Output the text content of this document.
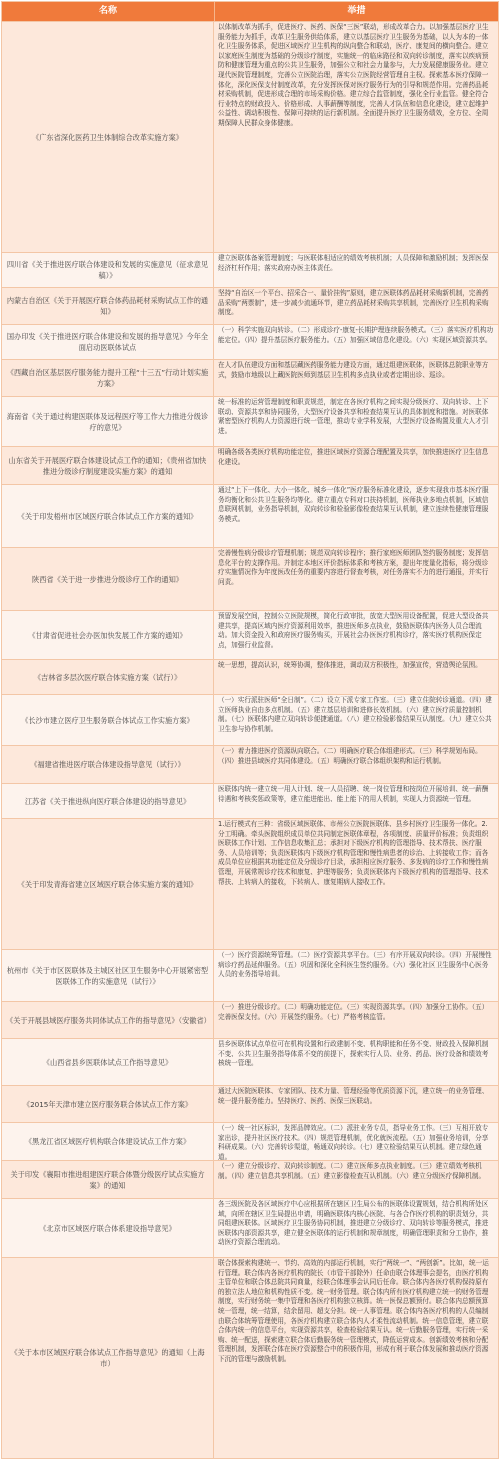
名称	举措
《广东省深化医药卫生体制综合改革实施方案》
以体制改革为抓手，促进医疗、医药、医保“三医”联动，形成改革合力。以加强基层医疗卫生服务能力为抓手，改革卫生服务供给体系，建立以基层医疗卫生服务为基础，以人为本的一体化卫生服务体系，促进区域医疗卫生机构的纵向整合和联动，医疗、康复间的横向整合。建立以家庭医生制度为基础的分级诊疗制度，实施统一的临床路径和双向转诊制度，落实以疾病预防和健康管理为重点的公共卫生服务，加强公立和社会力量参与，大力发展健康服务业。建立现代医院管理制度，完善公立医院治理，落实公立医院经营管理自主权。探索基本医疗保障一体化，深化医保支付制度改革，充分发挥医保对医疗服务行为的引导和规范作用。完善药品耗材采购机制，促进形成合理的市场采购价格。建立综合监管制度，强化全行业监管。健全符合行业特点的财政投入、价格形成、人事薪酬等制度，完善人才队伍和信息化建设，建立起维护公益性、调动积极性、保障可持续的运行新机制。全面提升医疗卫生服务绩效，全方位、全周期保障人民群众身体健康。
四川省《关于推进医疗联合体建设和发展的实施意见（征求意见稿）》
建立医联体备案管理制度；与医联体相适应的绩效考核机制；人员保障和激励机制；发挥医保经济杠杆作用；落实政府办医主体责任。
内蒙古自治区《关于开展医疗联合体药品耗材采购试点工作的通知》
坚持“自治区一个平台、招采合一、量价挂钩”原则，建立医联体药品耗材采购新机制，完善药品采购“两票制”，进一步减少流通环节，建立药品耗材采购共享机制，完善医疗卫生机构采购制度。
国办印发《关于推进医疗联合体建设和发展的指导意见》今年全面启动医联体试点
（一）科学实施双向转诊。（二）形成诊疗-康复-长期护理连续服务模式。（三）落实医疗机构功能定位。（四）提升基层医疗服务能力。（五）加强区域信息化建设。（六）实现区域资源共享。
《西藏自治区基层医疗服务能力提升工程“十三五”行动计划实施方案》
在人才队伍建设方面和基层藏医药服务能力建设方面，通过组建医联体，医联体总院职业等方式，鼓励市地级以上藏医院医师到基层卫生机构多点执业或者定期出诊、巡诊。
海南省《关于通过构建医联体及远程医疗等工作大力推进分级诊疗的意见》
统一标准的运营管理制度和职责规范，制定在各医疗机构之间实现分级医疗、双向转诊、上下联动、资源共享和协同服务，大型医疗设备共享和检查结果互认的具体制度和措施。对医联体紧密型医疗机构人力资源进行统一管理，推动专业学科发展，大型医疗设备购置及重大人才引进。
山东省关于开展医疗联合体建设试点工作的通知；《贵州省加快推进分级诊疗制度建设实施方案》的通知
明确各级各类医疗机构功能定位，推进区域医疗资源合理配置及共享，加快推进医疗卫生信息化建设。
《关于印发梧州市区域医疗联合体试点工作方案的通知》
通过“上下一体化、大小一体化、城乡一体化”医疗服务标准化建设，逐步实现我市基本医疗服务均衡化和公共卫生服务均等化。建立重点专科对口扶持机制，医师执业多地点机制，区域信息联网机制，业务指导机制，双向转诊和检验影像检查结果互认机制，建立连续性健康管理服务模式。
陕西省《关于进一步推进分级诊疗工作的通知》
完善慢性病分级诊疗管理机制；规范双向转诊程序；推行家庭医师团队签约服务制度；发挥信息化平台的支撑作用。并制定本地区评价指标体系和考核方案，提出年度量化指标，将分级诊疗实施情况作为年度医改任务的重要内容进行督查考核，对任务落实不力的进行通报，并实行问责。
《甘肃省促进社会办医加快发展工作方案的通知》
预留发展空间，控制公立医院规模，简化行政审批，放宽大型医用设备配置，促进大型设备共建共享，提高区域内医疗资源利用效率，推进医师多点执业，鼓励医联体内医务人员合理流动。加大资金投入和政府医疗服务购买，开展社会办医医疗机构诊疗，落实医疗机构医保定点，加强行业监督。
《吉林省多层次医疗联合体实施方案（试行）》
统一思想，提高认识，统筹协调，整体推进，调动双方积极性，加强宣传，营造舆论氛围。
《长沙市建立医疗卫生服务联合体试点工作实施方案》
（一）实行派驻医师“全日制”。（二）设立下派专家工作室。（三）建立住院转诊通道。（四）建立医师执业自由多点机制。（五）建立基层培训和进修长效机制。（六）建立医疗质量控制机制。（七）医联体内建立双向转诊便捷通道。（八）建立检验影像结果互认制度。（九）建立公共卫生参与协作机制。
《福建省推进医疗联合体建设指导意见（试行）》
（一）着力推进医疗资源纵向联合。（二）明确医疗联合体组建形式。（三）科学规划布局。（四）推进县域医疗共同体建设。（五）明确医疗联合体组织架构和运行机制。
江苏省《关于推进纵向医疗联合体建设的指导意见》
医联体内统一建立统一用人计划、统一人员招聘、统一岗位管理和按岗位开展培训、统一薪酬待遇和考核奖惩政策等，建立能进能出、能上能下的用人机制，实现人力资源统一管理。
《关于印发青海省建立区域医疗联合体实施方案的通知》
1.运行模式有三种：省级区域医联体、市州公立医院医联体、县乡村医疗卫生服务一体化。2.分工明确。牵头医院组织成员单位共同制定医联体章程，各项制度、质量评价标准；负责组织医联体工作计划、工作信息收集汇总；承担对下级医疗机构的管理指导、技术帮扶、医疗服务、人员培训等；负责医联体内下级医疗机构管理和慢性病患者的诊治、上转接收工作；而各成员单位应根据其功能定位及分级诊疗目录，承担相应医疗服务、多发病的诊疗工作和慢性病管理，开展常规诊疗技术和康复、护理等服务；负责医联体内下级医疗机构的管理指导、技术帮扶、上转病人的接收，下转病人、康复期病人接收工作。
杭州市《关于市区医联体及主城区社区卫生服务中心开展紧密型医联体工作的实施意见（试行）》
（一）医疗资源统筹管理。（二）医疗资源共享平台。（三）有序开展双向转诊。（四）开展慢性病诊疗药品延伸服务。（五）巩固和深化全科医生签约服务。（六）强化社区卫生服务中心医务人员的业务指导培训。
《关于开展县域医疗服务共同体试点工作的指导意见》（安徽省）
（一）推进分级诊疗。（二）明确功能定位。（三）实现资源共享。（四）加强分工协作。（五）完善医保支付。（六）开展签约服务。（七）严格考核监管。
《山西省县乡医联体试点工作指导意见》
县乡医联体试点单位可在机构设置和行政建制不变、机构职能和任务不变、财政投入保障机制不变、公共卫生服务指导体系不变的前提下，探索实行人员、业务、药品、医疗设备和绩效考核统一管理。
《2015年天津市建立医疗服务联合体试点工作方案》
通过大医院医联体、专家团队、技术力量、管理经验等优质资源下沉，建立统一的业务管理、统一提升服务能力。坚持医疗、医药、医保三医联动。
《黑龙江省区域医疗机构联合体建设试点工作方案》
（一）统一社区标识，发挥品牌效应。（二）派驻业务专员，指导业务工作。（三）互相开放专家出诊，提升社区医疗技术。（四）规范管理机制，优化就医流程。（五）加强业务培训，分享科研成果。（六）完善转诊渠道，畅通双向转诊。（七）建立检验结果互认机制。建立绿色通道。
关于印发《襄阳市推进组建医疗联合体暨分级医疗试点实施方案》的通知
（一）建立分级诊疗、双向转诊制度。（二）建立医师多点执业制度。（三）建立绩效考核机制。（四）建立信息共享机制。（五）建立影像检查互认机制。（六）建立分级医疗保障机制。
《北京市区域医疗联合体系建设指导意见》
各三级医院及各区域医疗中心应根据所在辖区卫生局公布的医联体设置规划，结合机构所处区域，向所在辖区卫生局提出申请，明确医联体内核心医院、与各合作医疗机构的职责划分，共同组建医联体。区域医疗卫生服务协同机制，推进建立分级诊疗、双向转诊等服务模式，推进医联体内部资源共享，建立健全医联体的运行机制和规章制度，明确管理职责和分工协作，推动医疗资源合理流动。
《关于本市区域医疗联合体试点工作指导意见》的通知（上海市）
联合体探索构建统一、节约、高效的内部运行机制，实行“两统一”、“两创新”。比如，统一运行管理。联合体内各医疗机构的院长（市管干部除外）任命由联合体理事会提名，由医疗机构主管单位和联合体总院共同商量，经联合体理事会认同后任命。联合体内各医疗机构保持原有的独立法人地位和机构性质不变。统一财务管理。联合体内所有医疗机构建立统一的财务管理制度，实行财务统一集中管理和各医疗机构独立核算。统一医保总额预付。联合体内总额预算统一管理，统一结算，结余留用、超支分担。统一人事管理。联合体内各医疗机构的人员编制由联合体统筹管理使用，各医疗机构建立联合体内人才柔性流动机制。统一信息管理，建立联合体内统一的信息平台，实现资源共享，检查检验结果互认。统一后勤服务管理，实行统一采购、统一配送，探索建立联合体后勤服务统一管理模式，降低运营成本。创新绩效考核和分配管理机制，发挥联合体在医疗资源整合中的积极作用，形成有利于联合体发展和推动医疗资源下沉的管理与激励机制。
